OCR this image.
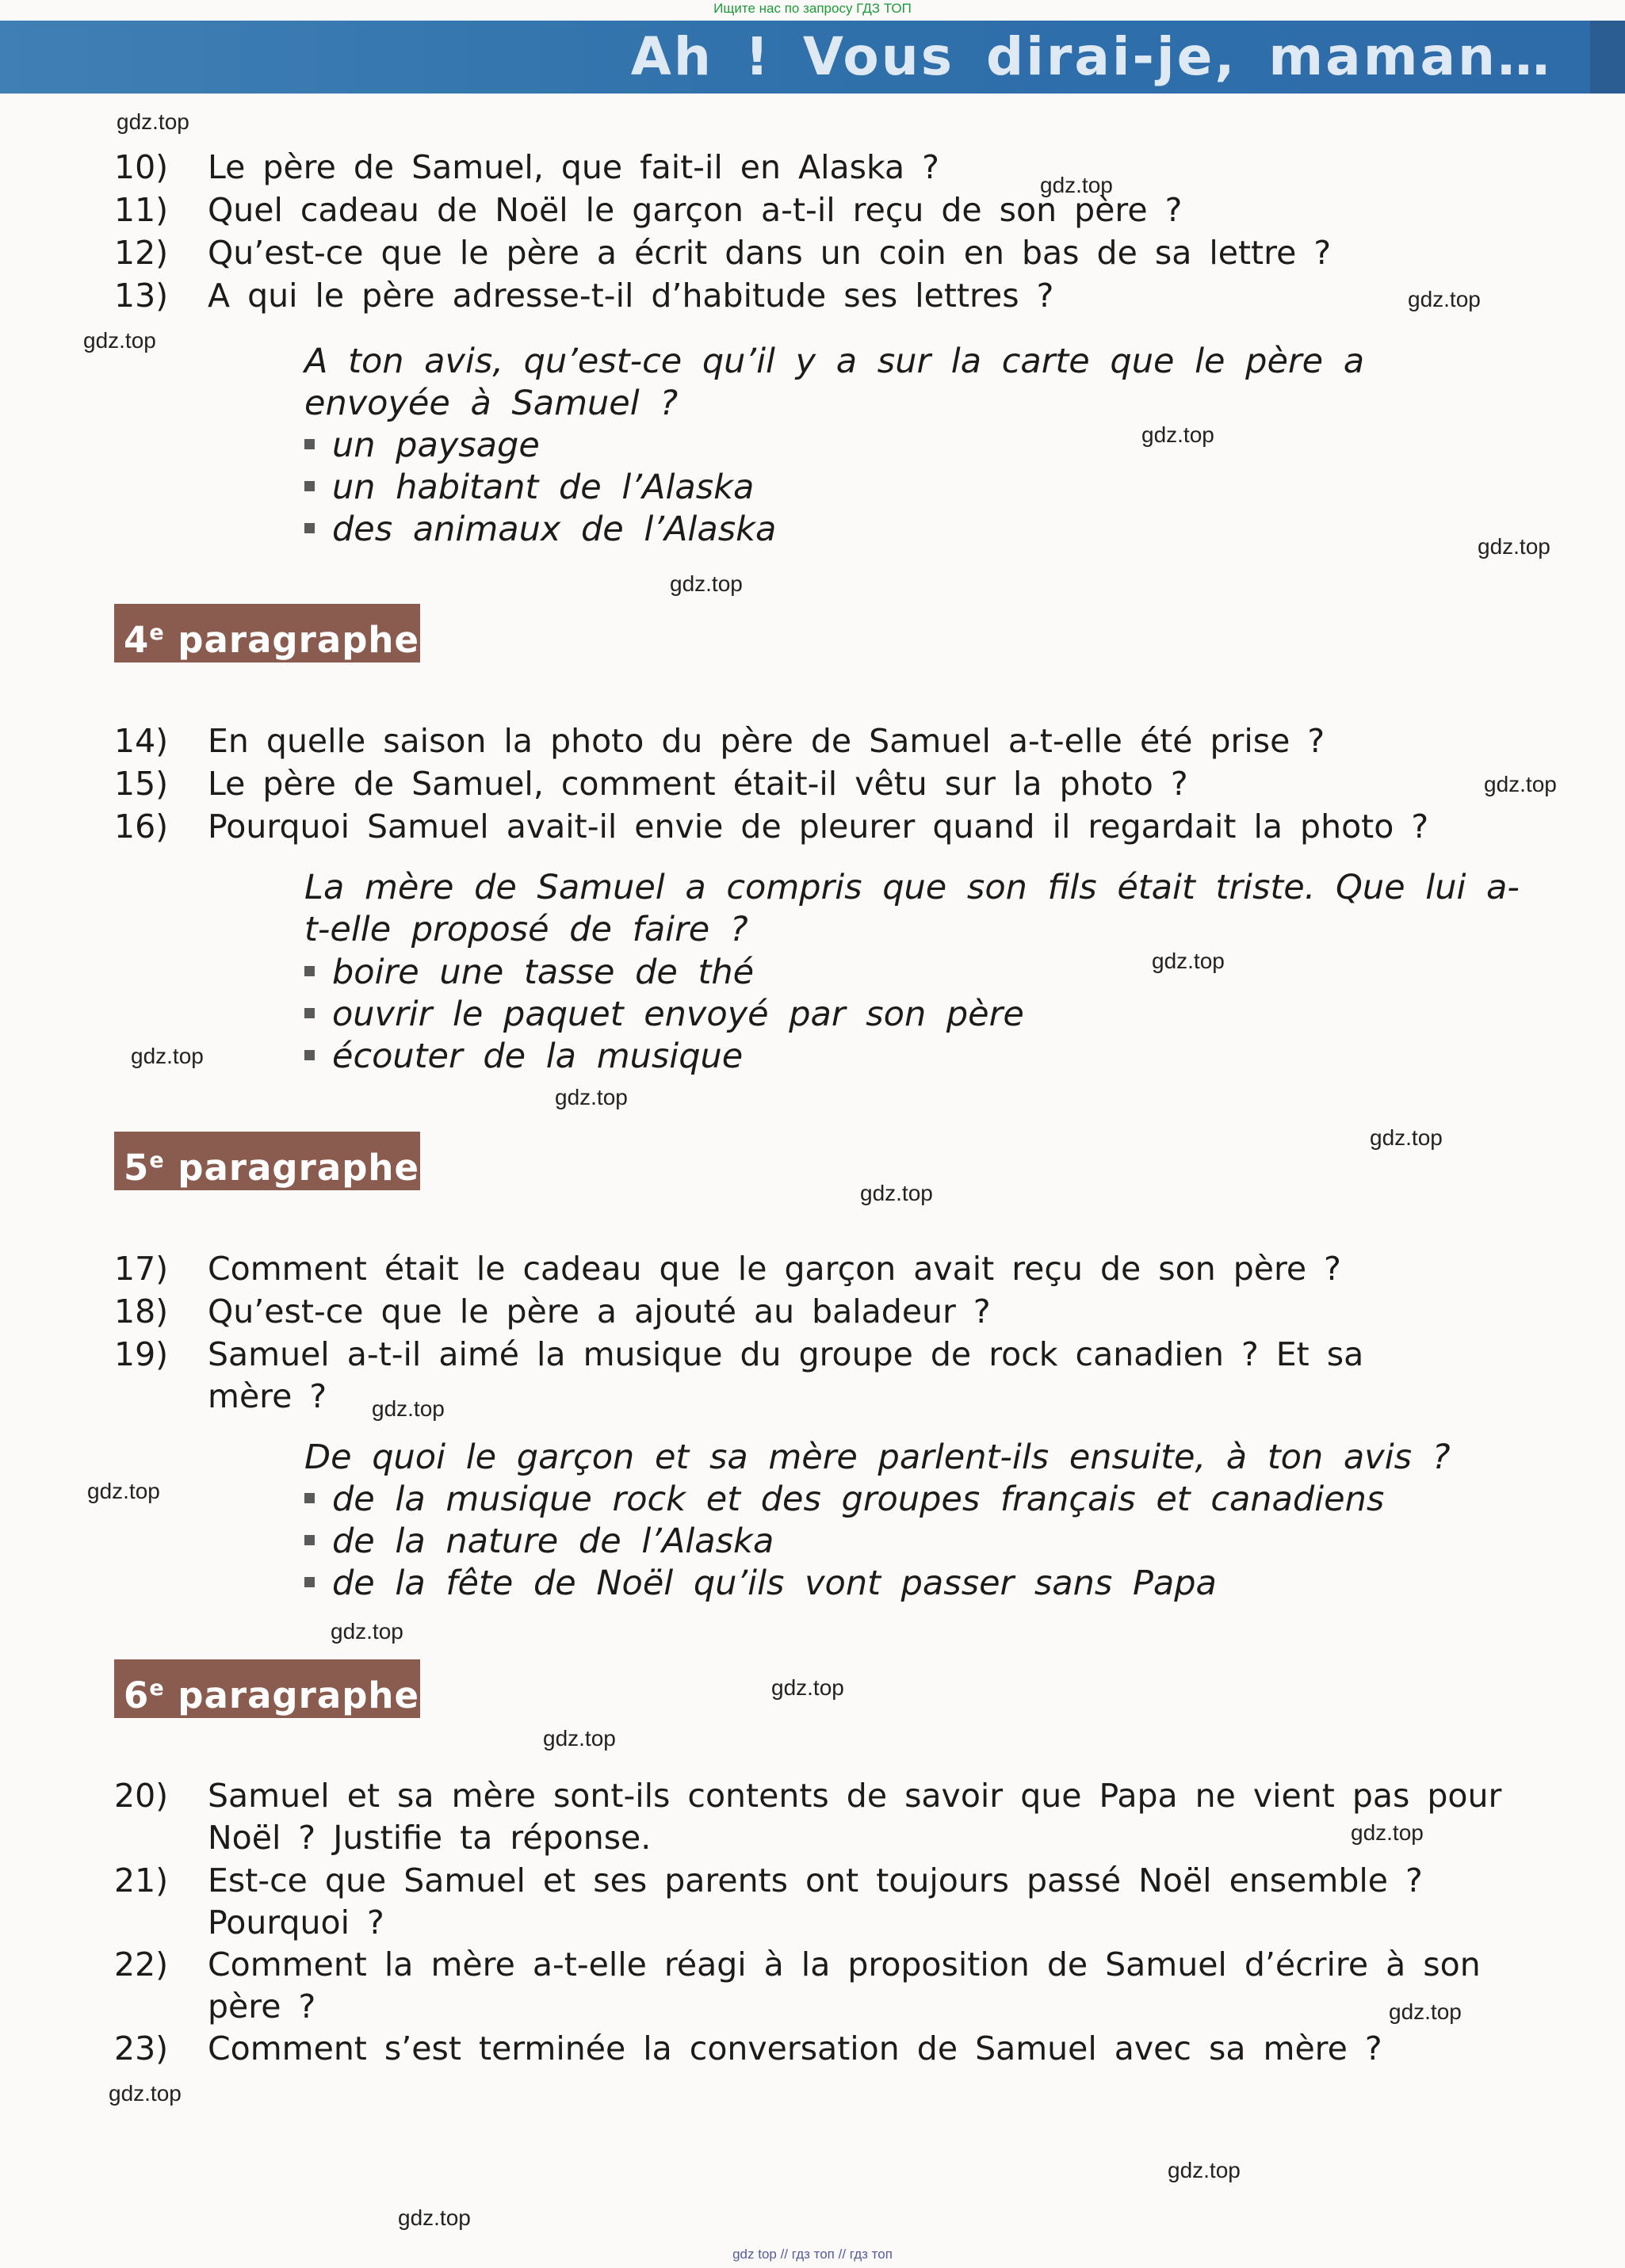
Ищите нас по запросу ГДЗ ТОП
Ah ! Vous dirai-je, maman…
10) Le père de Samuel, que fait-il en Alaska ?
11) Quel cadeau de Noël le garçon a-t-il reçu de son père ?
12) Qu’est-ce que le père a écrit dans un coin en bas de sa lettre ?
13) A qui le père adresse-t-il d’habitude ses lettres ?
A ton avis, qu’est-ce qu’il y a sur la carte que le père a envoyée à Samuel ?
un paysage
un habitant de l’Alaska
des animaux de l’Alaska
4e paragraphe
14) En quelle saison la photo du père de Samuel a-t-elle été prise ?
15) Le père de Samuel, comment était-il vêtu sur la photo ?
16) Pourquoi Samuel avait-il envie de pleurer quand il regardait la photo ?
La mère de Samuel a compris que son fils était triste. Que lui a-t-elle proposé de faire ?
boire une tasse de thé
ouvrir le paquet envoyé par son père
écouter de la musique
5e paragraphe
17) Comment était le cadeau que le garçon avait reçu de son père ?
18) Qu’est-ce que le père a ajouté au baladeur ?
19) Samuel a-t-il aimé la musique du groupe de rock canadien ? Et sa mère ?
De quoi le garçon et sa mère parlent-ils ensuite, à ton avis ?
de la musique rock et des groupes français et canadiens
de la nature de l’Alaska
de la fête de Noël qu’ils vont passer sans Papa
6e paragraphe
20) Samuel et sa mère sont-ils contents de savoir que Papa ne vient pas pour Noël ? Justifie ta réponse.
21) Est-ce que Samuel et ses parents ont toujours passé Noël ensemble ? Pourquoi ?
22) Comment la mère a-t-elle réagi à la proposition de Samuel d’écrire à son père ?
23) Comment s’est terminée la conversation de Samuel avec sa mère ?
gdz.top
gdz.top
gdz.top
gdz.top
gdz.top
gdz.top
gdz.top
gdz.top
gdz.top
gdz.top
gdz.top
gdz.top
gdz.top
gdz.top
gdz.top
gdz.top
gdz.top
gdz.top
gdz.top
gdz.top
gdz.top
gdz.top
gdz.top
gdz top // гдз топ // гдз топ
